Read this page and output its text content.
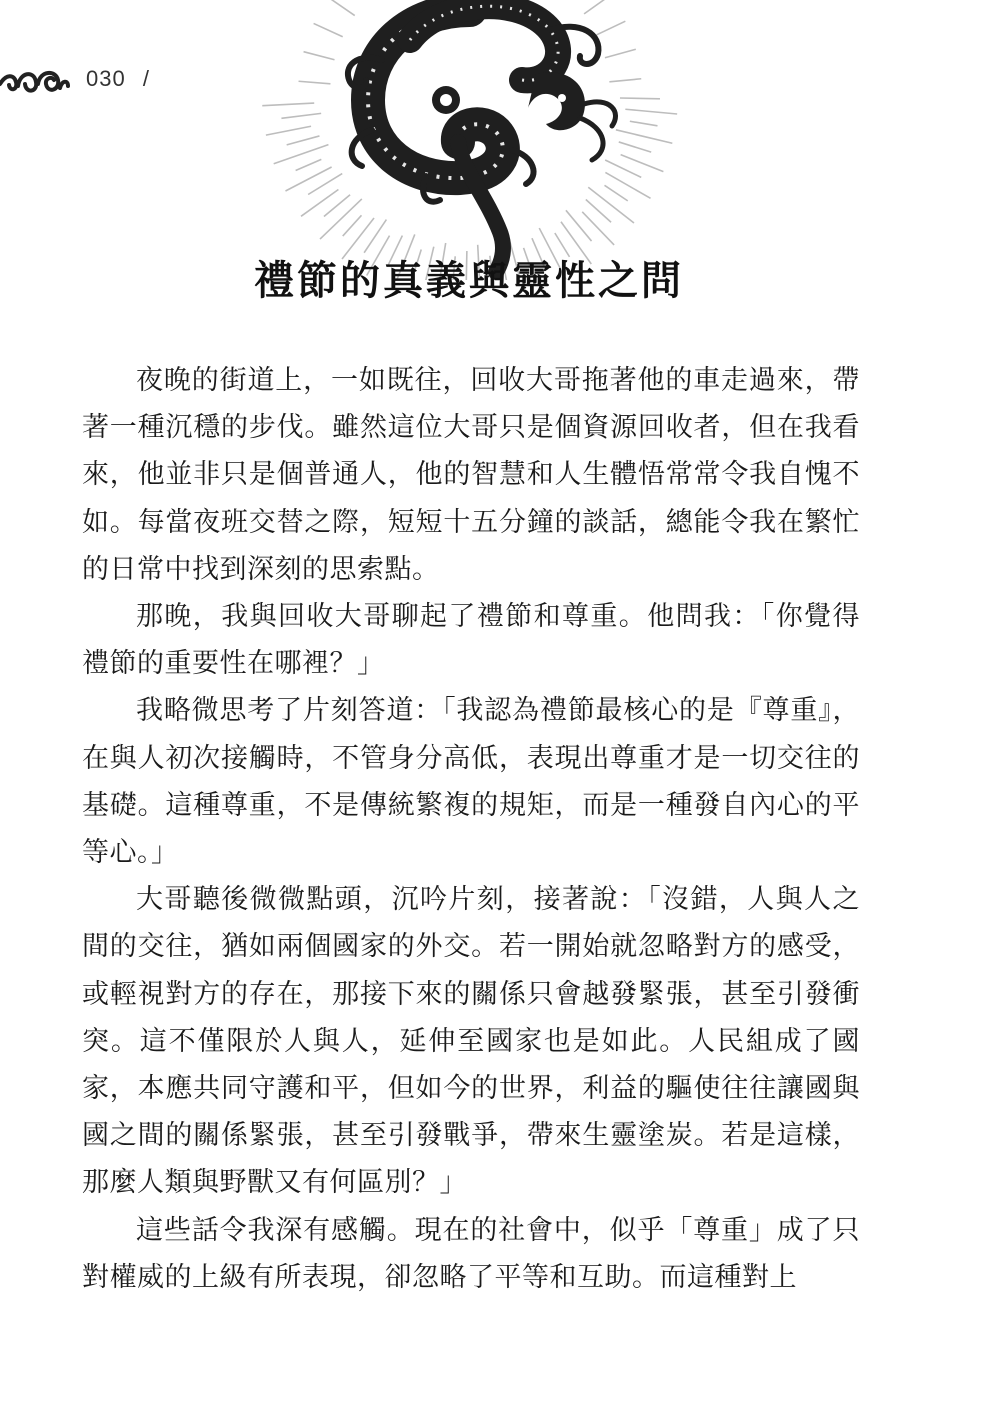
030 /
禮節的真義與靈性之問

夜晚的街道上，一如既往，回收大哥拖著他的車走過來，帶著一種沉穩的步伐。雖然這位大哥只是個資源回收者，但在我看來，他並非只是個普通人，他的智慧和人生體悟常常令我自愧不如。每當夜班交替之際，短短十五分鐘的談話，總能令我在繁忙的日常中找到深刻的思索點。

那晚，我與回收大哥聊起了禮節和尊重。他問我：「你覺得禮節的重要性在哪裡？」

我略微思考了片刻答道：「我認為禮節最核心的是『尊重』，在與人初次接觸時，不管身分高低，表現出尊重才是一切交往的基礎。這種尊重，不是傳統繁複的規矩，而是一種發自內心的平等心。」

大哥聽後微微點頭，沉吟片刻，接著說：「沒錯，人與人之間的交往，猶如兩個國家的外交。若一開始就忽略對方的感受，或輕視對方的存在，那接下來的關係只會越發緊張，甚至引發衝突。這不僅限於人與人，延伸至國家也是如此。人民組成了國家，本應共同守護和平，但如今的世界，利益的驅使往往讓國與國之間的關係緊張，甚至引發戰爭，帶來生靈塗炭。若是這樣，那麼人類與野獸又有何區別？」

這些話令我深有感觸。現在的社會中，似乎「尊重」成了只對權威的上級有所表現，卻忽略了平等和互助。而這種對上
